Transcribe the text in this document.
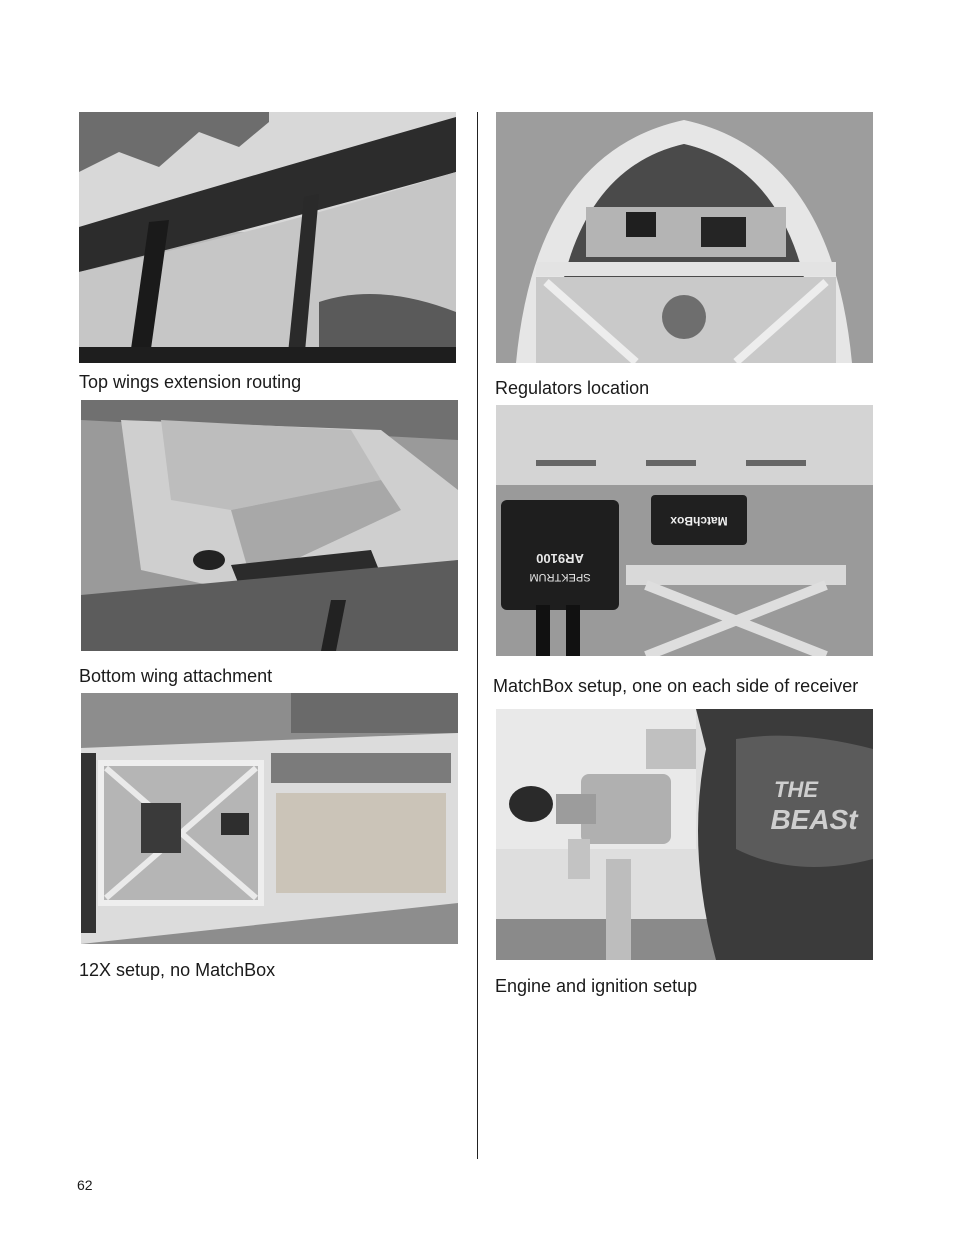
Top wings extension routing
Bottom wing attachment
12X setup, no MatchBox
Regulators location
MatchBox
AR9100
SPEKTRUM
MatchBox setup, one on each side of receiver
THE
BEASt
Engine and ignition setup
62
